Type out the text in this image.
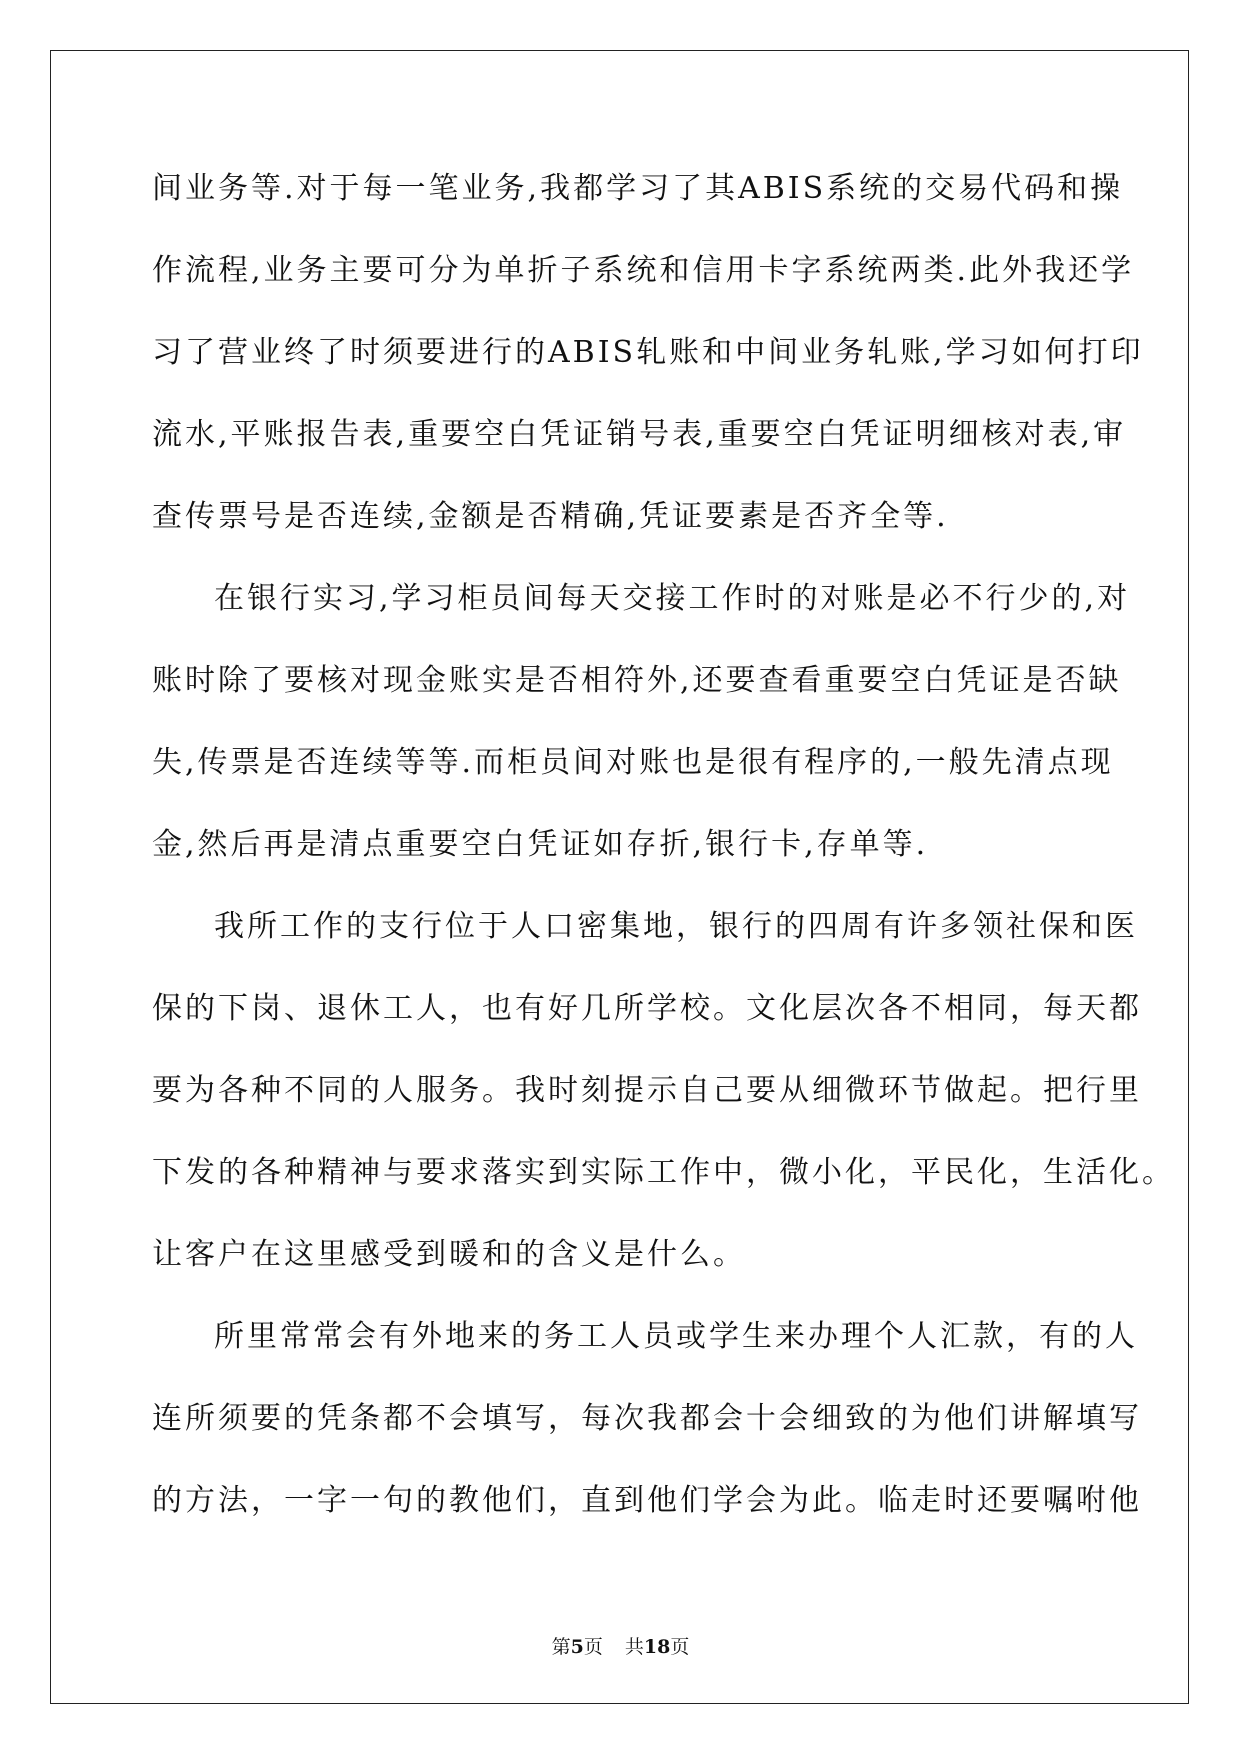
间业务等.对于每一笔业务,我都学习了其ABIS系统的交易代码和操
作流程,业务主要可分为单折子系统和信用卡字系统两类.此外我还学
习了营业终了时须要进行的ABIS轧账和中间业务轧账,学习如何打印
流水,平账报告表,重要空白凭证销号表,重要空白凭证明细核对表,审
查传票号是否连续,金额是否精确,凭证要素是否齐全等.
在银行实习,学习柜员间每天交接工作时的对账是必不行少的,对
账时除了要核对现金账实是否相符外,还要查看重要空白凭证是否缺
失,传票是否连续等等.而柜员间对账也是很有程序的,一般先清点现
金,然后再是清点重要空白凭证如存折,银行卡,存单等.
我所工作的支行位于人口密集地，银行的四周有许多领社保和医
保的下岗、退休工人，也有好几所学校。文化层次各不相同，每天都
要为各种不同的人服务。我时刻提示自己要从细微环节做起。把行里
下发的各种精神与要求落实到实际工作中，微小化，平民化，生活化。
让客户在这里感受到暖和的含义是什么。
所里常常会有外地来的务工人员或学生来办理个人汇款，有的人
连所须要的凭条都不会填写，每次我都会十会细致的为他们讲解填写
的方法，一字一句的教他们，直到他们学会为此。临走时还要嘱咐他
第5页 共18页
